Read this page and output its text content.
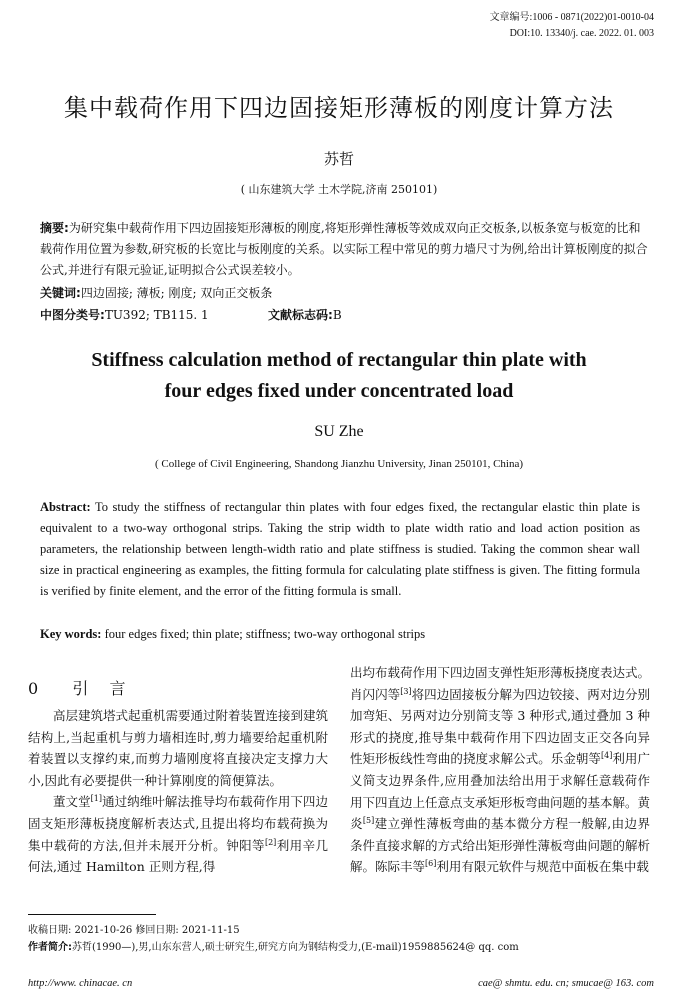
文章编号:1006 - 0871(2022)01-0010-04
DOI:10. 13340/j. cae. 2022. 01. 003
集中载荷作用下四边固接矩形薄板的刚度计算方法
苏哲
( 山东建筑大学 土木学院,济南 250101)
摘要:为研究集中载荷作用下四边固接矩形薄板的刚度,将矩形弹性薄板等效成双向正交板条,以板条宽与板宽的比和载荷作用位置为参数,研究板的长宽比与板刚度的关系。以实际工程中常见的剪力墙尺寸为例,给出计算板刚度的拟合公式,并进行有限元验证,证明拟合公式误差较小。
关键词:四边固接; 薄板; 刚度; 双向正交板条
中图分类号:TU392; TB115. 1	文献标志码:B
Stiffness calculation method of rectangular thin plate with
four edges fixed under concentrated load
SU Zhe
( College of Civil Engineering, Shandong Jianzhu University, Jinan 250101, China)
Abstract: To study the stiffness of rectangular thin plates with four edges fixed, the rectangular elastic thin plate is equivalent to a two-way orthogonal strips. Taking the strip width to plate width ratio and load action position as parameters, the relationship between length-width ratio and plate stiffness is studied. Taking the common shear wall size in practical engineering as examples, the fitting formula for calculating plate stiffness is given. The fitting formula is verified by finite element, and the error of the fitting formula is small.
Key words: four edges fixed; thin plate; stiffness; two-way orthogonal strips
0 引 言

高层建筑塔式起重机需要通过附着装置连接到建筑结构上,当起重机与剪力墙相连时,剪力墙要给起重机附着装置以支撑约束,而剪力墙刚度将直接决定支撑力大小,因此有必要提供一种计算刚度的简便算法。

董文堂[1]通过纳维叶解法推导均布载荷作用下四边固支矩形薄板挠度解析表达式,且提出将均布载荷换为集中载荷的方法,但并未展开分析。钟阳等[2]利用辛几何法,通过 Hamilton 正则方程,得

出均布载荷作用下四边固支弹性矩形薄板挠度表达式。肖闪闪等[3]将四边固接板分解为四边铰接、两对边分别加弯矩、另两对边分别简支等 3 种形式,通过叠加 3 种形式的挠度,推导集中载荷作用下四边固支正交各向异性矩形板线性弯曲的挠度求解公式。乐金朝等[4]利用广义简支边界条件,应用叠加法给出用于求解任意载荷作用下四直边上任意点支承矩形板弯曲问题的基本解。黄炎[5]建立弹性薄板弯曲的基本微分方程一般解,由边界条件直接求解的方式给出矩形弹性薄板弯曲问题的解析解。陈际丰等[6]利用有限元软件与规范中面板在集中载

收稿日期: 2021-10-26 修回日期: 2021-11-15
作者简介:苏哲(1990—),男,山东东营人,硕士研究生,研究方向为钢结构受力,(E-mail)1959885624@ qq. com
http://www. chinacae. cn	cae@ shmtu. edu. cn; smucae@ 163. com
